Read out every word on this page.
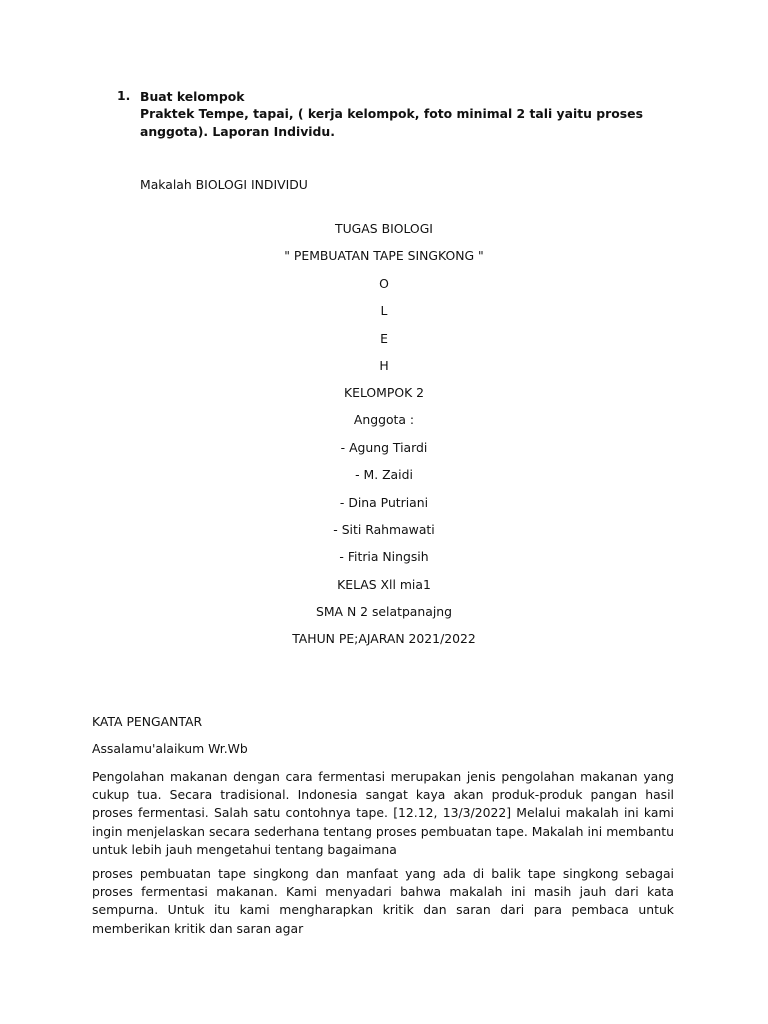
1. Buat kelompok
Praktek Tempe, tapai, ( kerja kelompok, foto minimal 2 tali yaitu proses anggota). Laporan Individu.
Makalah BIOLOGI INDIVIDU
TUGAS BIOLOGI
" PEMBUATAN TAPE SINGKONG "
O
L
E
H
KELOMPOK 2
Anggota :
- Agung Tiardi
- M. Zaidi
- Dina Putriani
- Siti Rahmawati
- Fitria Ningsih
KELAS Xll mia1
SMA N 2 selatpanajng
TAHUN PE;AJARAN 2021/2022
KATA PENGANTAR
Assalamu'alaikum Wr.Wb
Pengolahan makanan dengan cara fermentasi merupakan jenis pengolahan makanan yang cukup tua. Secara tradisional. Indonesia sangat kaya akan produk-produk pangan hasil proses fermentasi. Salah satu contohnya tape. [12.12, 13/3/2022] Melalui makalah ini kami ingin menjelaskan secara sederhana tentang proses pembuatan tape. Makalah ini membantu untuk lebih jauh mengetahui tentang bagaimana
proses pembuatan tape singkong dan manfaat yang ada di balik tape singkong sebagai proses fermentasi makanan. Kami menyadari bahwa makalah ini masih jauh dari kata sempurna. Untuk itu kami mengharapkan kritik dan saran dari para pembaca untuk memberikan kritik dan saran agar
